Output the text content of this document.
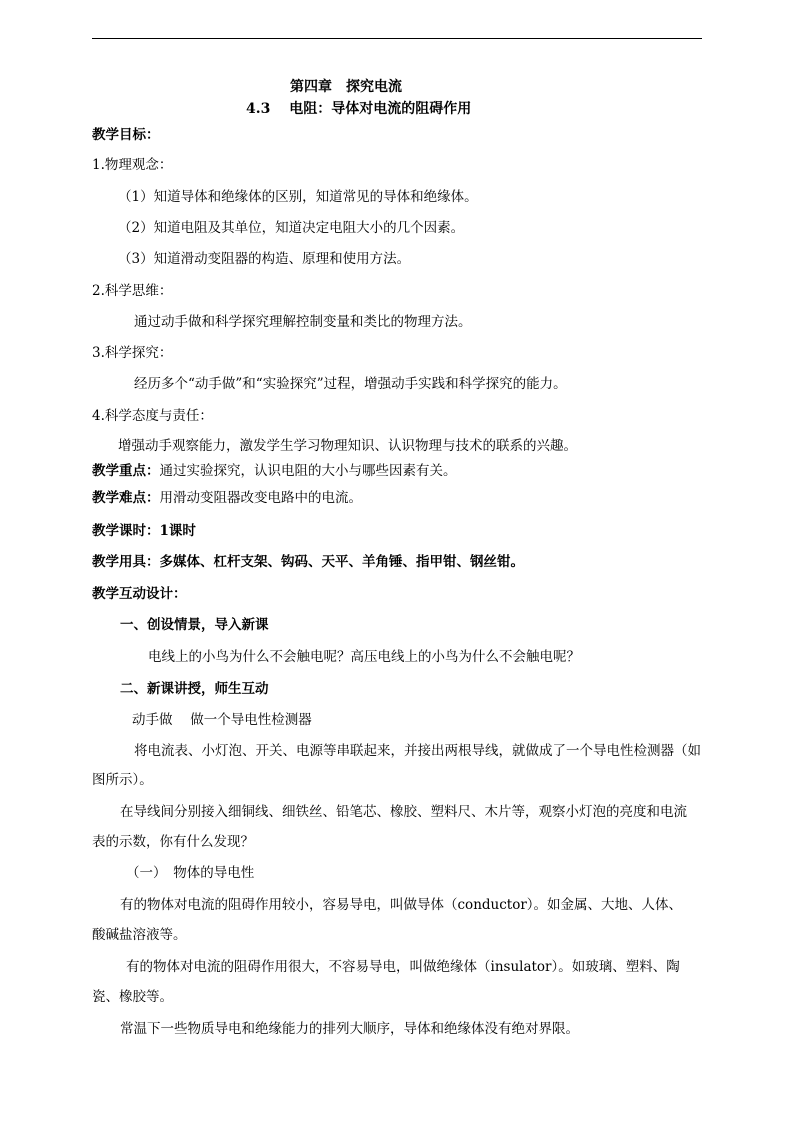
第四章　探究电流
4.3　 电阻：导体对电流的阻碍作用
教学目标：
1.物理观念：
（1）知道导体和绝缘体的区别，知道常见的导体和绝缘体。
（2）知道电阻及其单位，知道决定电阻大小的几个因素。
（3）知道滑动变阻器的构造、原理和使用方法。
2.科学思维：
通过动手做和科学探究理解控制变量和类比的物理方法。
3.科学探究：
经历多个“动手做”和“实验探究”过程，增强动手实践和科学探究的能力。
4.科学态度与责任：
增强动手观察能力，激发学生学习物理知识、认识物理与技术的联系的兴趣。
教学重点：通过实验探究，认识电阻的大小与哪些因素有关。
教学难点：用滑动变阻器改变电路中的电流。
教学课时：1课时
教学用具：多媒体、杠杆支架、钩码、天平、羊角锤、指甲钳、钢丝钳。
教学互动设计：
一、创设情景，导入新课
电线上的小鸟为什么不会触电呢？高压电线上的小鸟为什么不会触电呢？
二、新课讲授，师生互动
动手做　 做一个导电性检测器
将电流表、小灯泡、开关、电源等串联起来，并接出两根导线，就做成了一个导电性检测器（如
图所示）。
在导线间分别接入细铜线、细铁丝、铅笔芯、橡胶、塑料尺、木片等，观察小灯泡的亮度和电流
表的示数，你有什么发现？
（一）　物体的导电性
有的物体对电流的阻碍作用较小，容易导电，叫做导体（conductor）。如金属、大地、人体、
酸碱盐溶液等。
有的物体对电流的阻碍作用很大，不容易导电，叫做绝缘体（insulator）。如玻璃、塑料、陶
瓷、橡胶等。
常温下一些物质导电和绝缘能力的排列大顺序，导体和绝缘体没有绝对界限。
